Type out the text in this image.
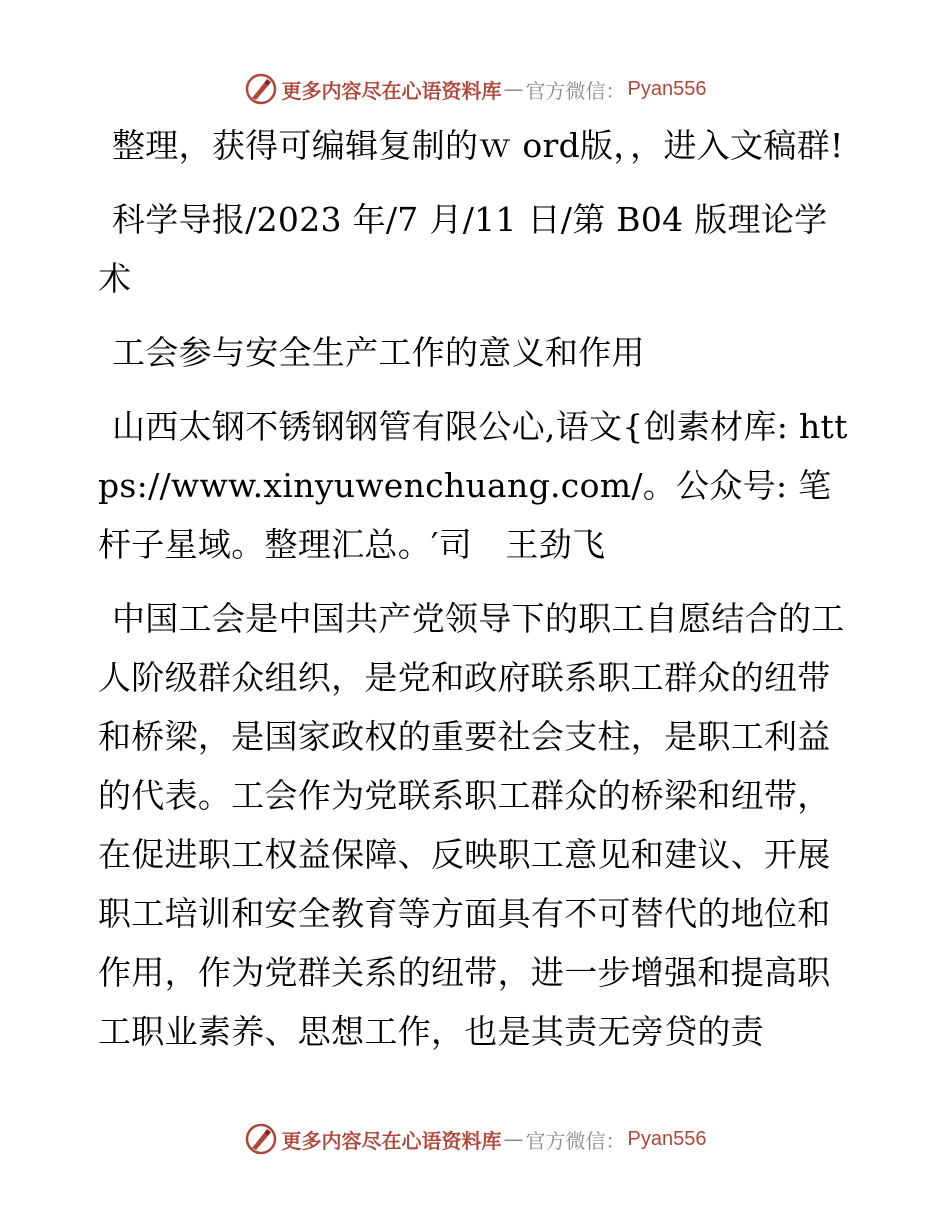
更多内容尽在心语资料库 — 官方微信： Pyan556

整理，获得可编辑复制的ｗ ord版，，进入文稿群!

科学导报/2023 年/7 月/11 日/第 B04 版理论学术

工会参与安全生产工作的意义和作用

山西太钢不锈钢钢管有限公心,语文{创素材库: https://www.xinyuwenchuang.com/。公众号: 笔杆子星域。整理汇总。′司　王劲飞

中国工会是中国共产党领导下的职工自愿结合的工人阶级群众组织，是党和政府联系职工群众的纽带和桥梁，是国家政权的重要社会支柱，是职工利益的代表。工会作为党联系职工群众的桥梁和纽带，在促进职工权益保障、反映职工意见和建议、开展职工培训和安全教育等方面具有不可替代的地位和作用，作为党群关系的纽带，进一步增强和提高职工职业素养、思想工作，也是其责无旁贷的责

更多内容尽在心语资料库 — 官方微信： Pyan556
